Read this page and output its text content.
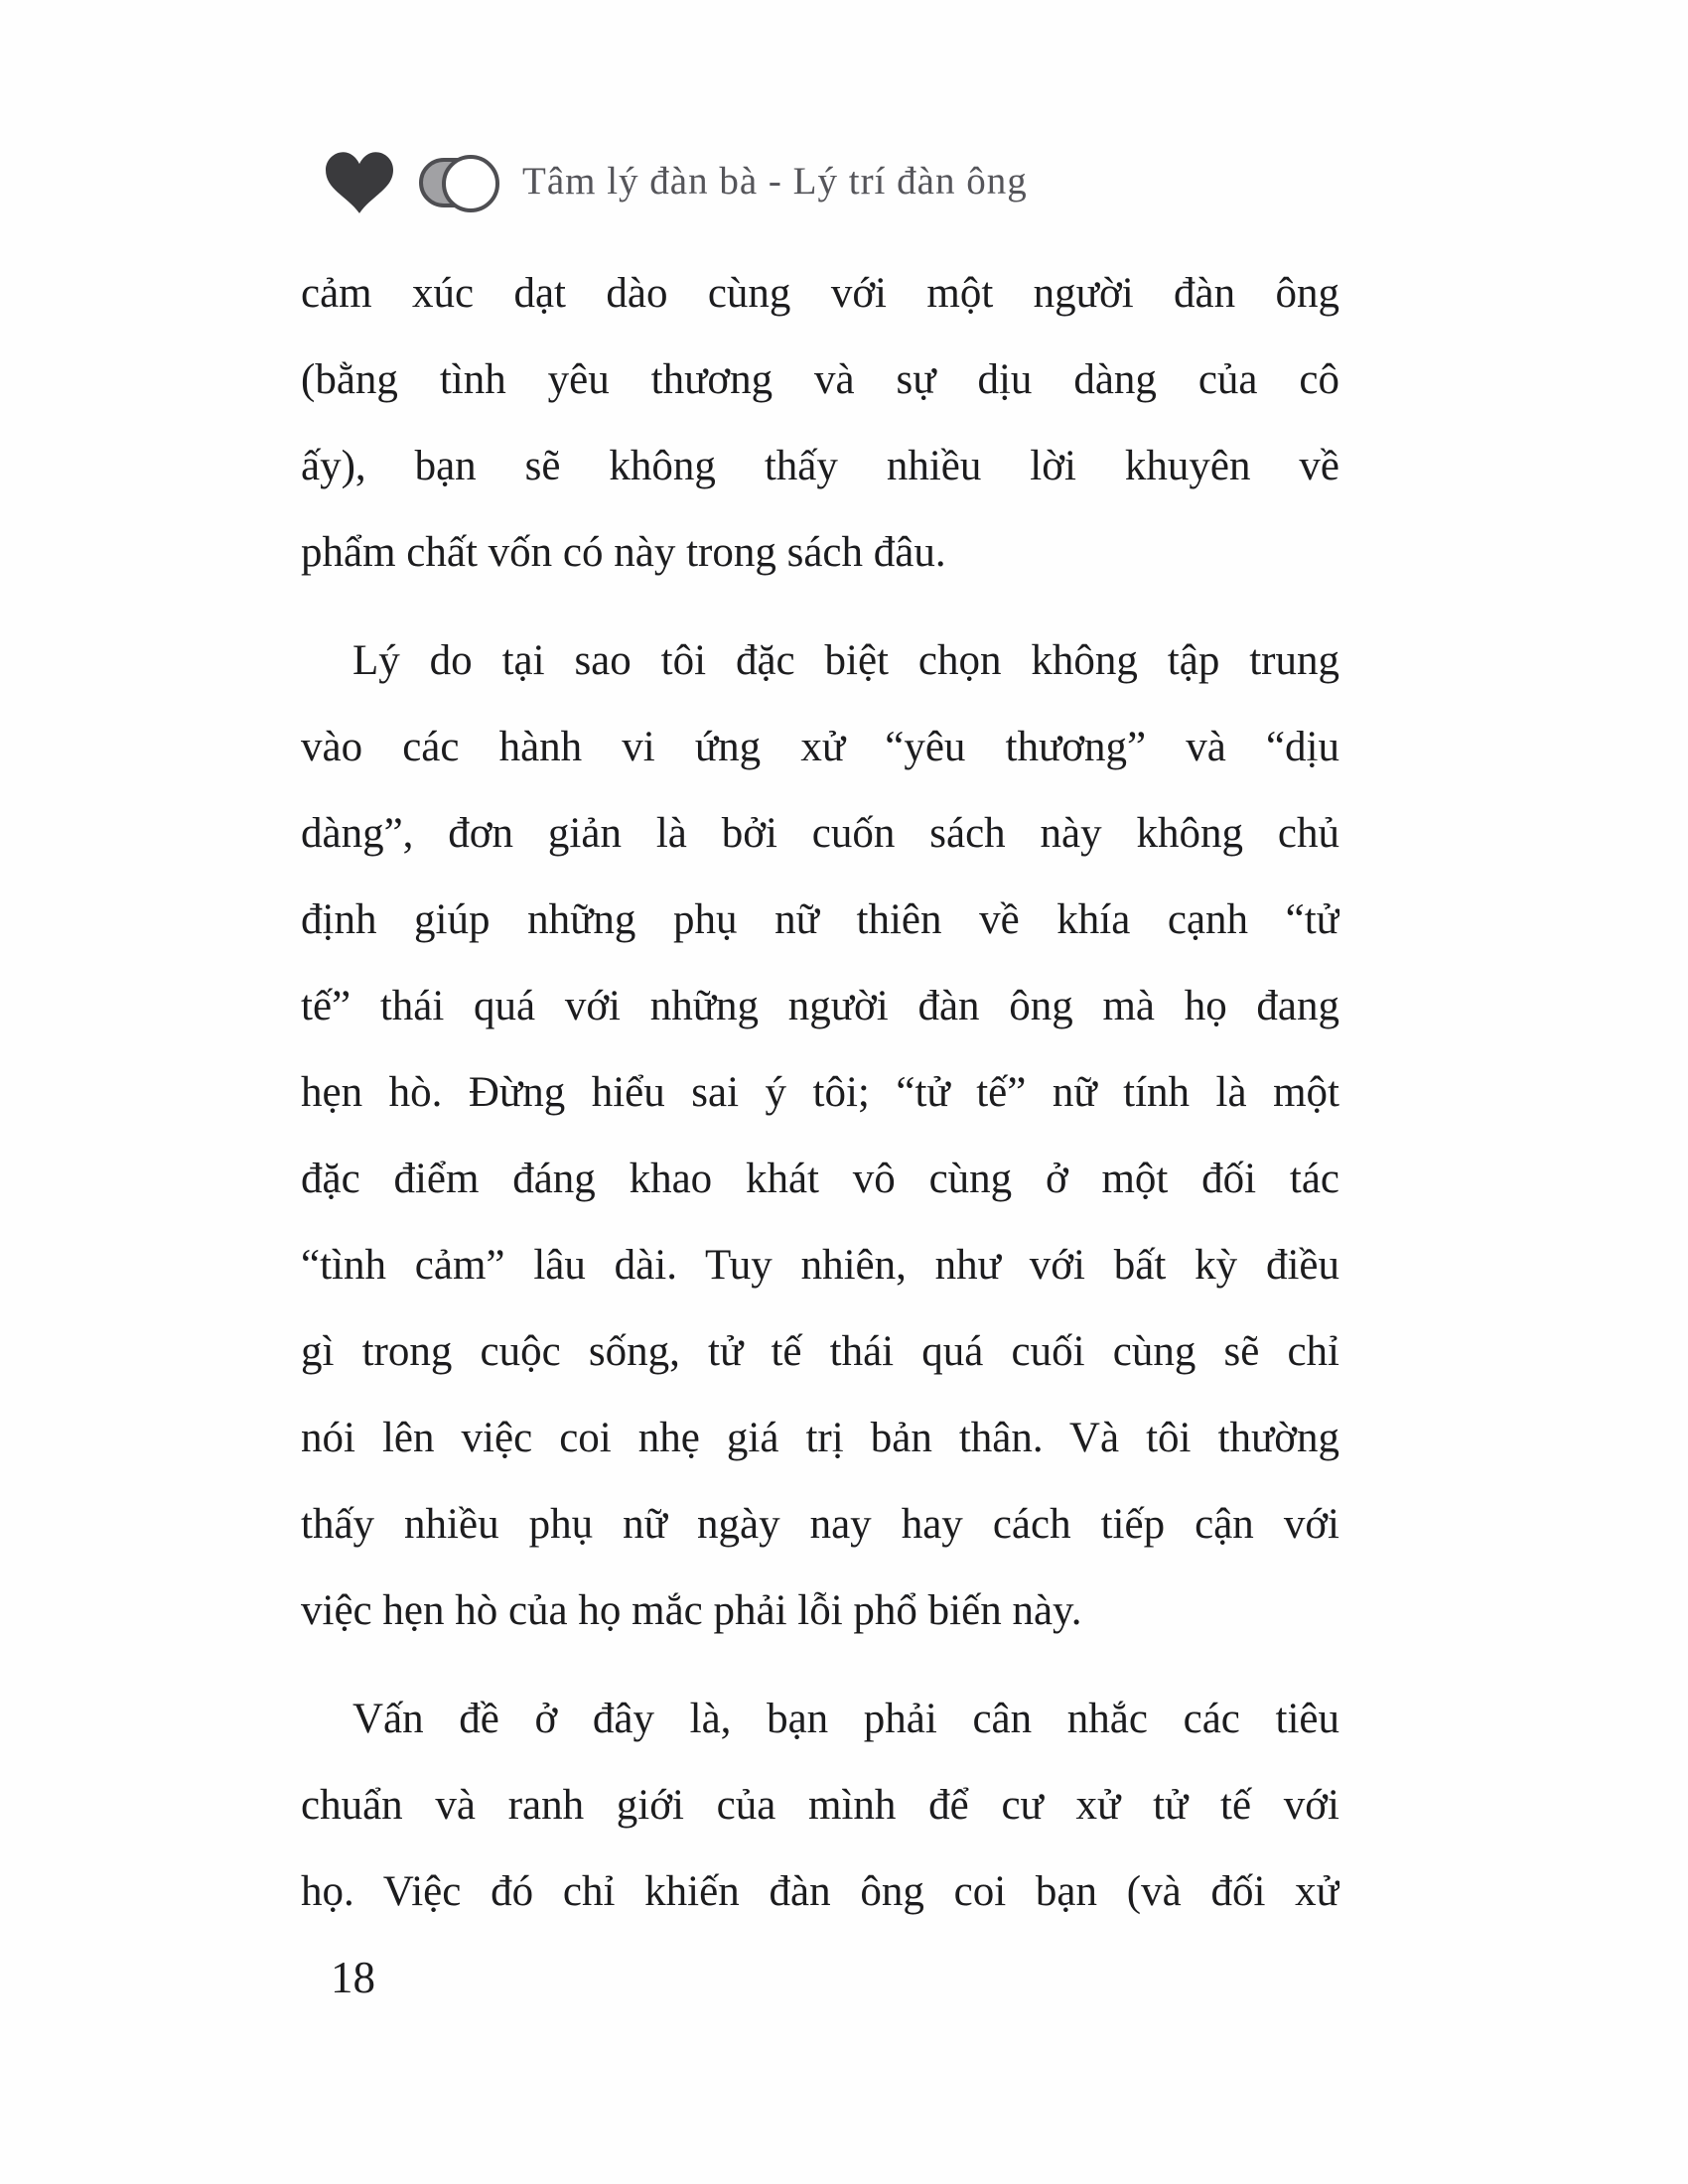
Tâm lý đàn bà - Lý trí đàn ông
cảm xúc dạt dào cùng với một người đàn ông
(bằng tình yêu thương và sự dịu dàng của cô
ấy), bạn sẽ không thấy nhiều lời khuyên về
phẩm chất vốn có này trong sách đâu.
Lý do tại sao tôi đặc biệt chọn không tập trung
vào các hành vi ứng xử “yêu thương” và “dịu
dàng”, đơn giản là bởi cuốn sách này không chủ
định giúp những phụ nữ thiên về khía cạnh “tử
tế” thái quá với những người đàn ông mà họ đang
hẹn hò. Đừng hiểu sai ý tôi; “tử tế” nữ tính là một
đặc điểm đáng khao khát vô cùng ở một đối tác
“tình cảm” lâu dài. Tuy nhiên, như với bất kỳ điều
gì trong cuộc sống, tử tế thái quá cuối cùng sẽ chỉ
nói lên việc coi nhẹ giá trị bản thân. Và tôi thường
thấy nhiều phụ nữ ngày nay hay cách tiếp cận với
việc hẹn hò của họ mắc phải lỗi phổ biến này.
Vấn đề ở đây là, bạn phải cân nhắc các tiêu
chuẩn và ranh giới của mình để cư xử tử tế với
họ. Việc đó chỉ khiến đàn ông coi bạn (và đối xử
18
